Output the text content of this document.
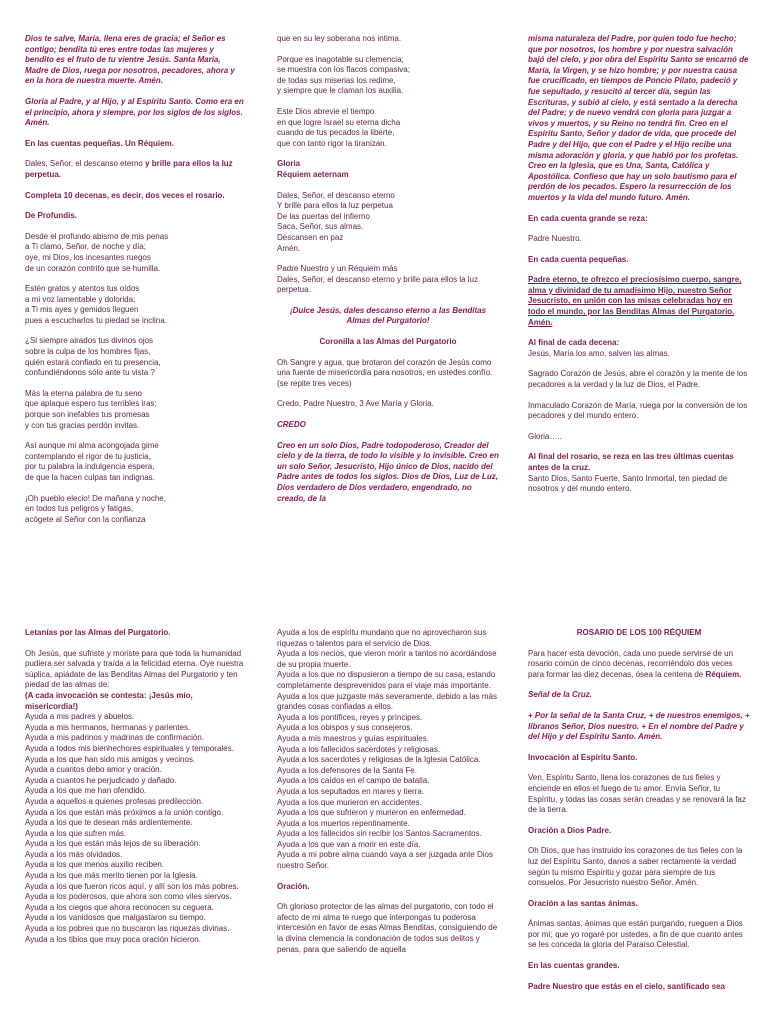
Dios te salve, María, llena eres de gracia; el Señor es contigo; bendita tú eres entre todas las mujeres y bendito es el fruto de tu vientre Jesús. Santa María, Madre de Dios, ruega por nosotros, pecadores, ahora y en la hora de nuestra muerte. Amén.

Gloria al Padre, y al Hijo, y al Espíritu Santo. Como era en el principio, ahora y siempre, por los siglos de los siglos. Amén.

En las cuentas pequeñas. Un Réquiem.

Dales, Señor, el descanso eterno y brille para ellos la luz perpetua.

Completa 10 decenas, es decir, dos veces el rosario.

De Profundis.

Desde el profundo abismo de mis penas
a Ti clamo, Señor, de noche y día;
oye, mi Dios, los incesantes ruegos
de un corazón contrito que se humilla.

Estén gratos y atentos tus oídos
a mi voz lamentable y dolorida;
a Ti mis ayes y gemidos lleguen
pues a escucharlos tu piedad se inclina.

¿Si siempre airados tus divinos ojos
sobre la culpa de los hombres fijas,
quién estará confiado en tu presencia,
confundiéndonos sólo ante tu vista ?

Más la eterna palabra de tu seno
que aplaque espero tus terribles iras;
porque son inefables tus promesas
y con tus gracias perdón invitas.

Así aunque mi alma acongojada gime
contemplando el rigor de tu justicia,
por tu palabra la indulgencia espera,
de que la hacen culpas tan indignas.

¡Oh pueblo elecio! De mañana y noche,
en todos tus peligros y fatigas,
acógete al Señor con la confianza

que en su ley soberana nos intima.

Porque es inagotable su clemencia;
se muestra con los flacos compasiva;
de todas sus miserias los redime,
y siempre que le claman los auxilia.

Este Dios abrevie el tiempo
en que logre Israel su eterna dicha
cuando de tus pecados la liberte,
que con tanto rigor la tiranizan.

Gloria

Réquiem aeternam

Dales, Señor, el descanso eterno
Y brille para ellos la luz perpetua
De las puertas del infierno
Saca, Señor, sus almas.
Descansen en paz
Amén.

Padre Nuestro y un Réquiem más

Dales, Señor, el descanso eterno y brille para ellos la luz perpetua.

¡Dulce Jesús, dales descanso eterno a las Benditas Almas del Purgatorio!

Coronilla a las Almas del Purgatorio

Oh Sangre y agua, que brotaron del corazón de Jesús como una fuente de misericordia para nosotros, en ustedes confío. (se repite tres veces)

Credo, Padre Nuestro, 3 Ave María y Gloria.

CREDO

Creo en un solo Dios, Padre todopoderoso, Creador del cielo y de la tierra, de todo lo visible y lo invisible. Creo en un solo Señor, Jesucristo, Hijo único de Dios, nacido del Padre antes de todos los siglos. Dios de Dios, Luz de Luz, Dios verdadero de Dios verdadero, engendrado, no creado, de la

misma naturaleza del Padre, por quien todo fue hecho; que por nosotros, los hombre y por nuestra salvación bajó del cielo, y por obra del Espíritu Santo se encarnó de María, la Virgen, y se hizo hombre; y por nuestra causa fue crucificado, en tiempos de Poncio Pilato, padeció y fue sepultado, y resucitó al tercer día, según las Escrituras, y subió al cielo, y está sentado a la derecha del Padre; y de nuevo vendrá con gloria para juzgar a vivos y muertos, y su Reino no tendrá fin. Creo en el Espíritu Santo, Señor y dador de vida, que procede del Padre y del Hijo, que con el Padre y el Hijo recibe una misma adoración y gloria, y que habló por los profetas. Creo en la Iglesia, que es Una, Santa, Católica y Apostólica. Confieso que hay un solo bautismo para el perdón de los pecados. Espero la resurrección de los muertos y la vida del mundo futuro. Amén.

En cada cuenta grande se reza:

Padre Nuestro.

En cada cuenta pequeñas.

Padre eterno, te ofrezco el preciosísimo cuerpo, sangre, alma y divinidad de tu amadísimo Hijo, nuestro Señor Jesucristo, en unión con las misas celebradas hoy en todo el mundo, por las Benditas Almas del Purgatorio. Amén.

Al final de cada decena:

Jesús, María los amo, salven las almas.

Sagrado Corazón de Jesús, abre el corazón y la mente de los pecadores a la verdad y la luz de Dios, el Padre.

Inmaculado Corazón de María, ruega por la conversión de los pecadores y del mundo entero.

Gloria…..

Al final del rosario, se reza en las tres últimas cuentas antes de la cruz.

Santo Dios, Santo Fuerte, Santo Inmortal, ten piedad de nosotros y del mundo entero.

Letanías por las Almas del Purgatorio.

Oh Jesús, que sufriste y moriste para que toda la humanidad pudiera ser salvada y traída a la felicidad eterna. Oye nuestra súplica, apiádate de las Benditas Almas del Purgatorio y ten piedad de las almas de:

(A cada invocación se contesta: ¡Jesús mío, misericordia!)

Ayuda a mis padres y abuelos.
Ayuda a mis hermanos, hermanas y parientes.
Ayuda a mis padrinos y madrinas de confirmación.
Ayuda a todos mis bienhechores espirituales y temporales.
Ayuda a los que han sido mis amigos y vecinos.
Ayuda a cuantos debo amor y oración.
Ayuda a cuantos he perjudicado y dañado.
Ayuda a los que me han ofendido.
Ayuda a aquellos a quienes profesas predilección.
Ayuda a los que están más próximos a la unión contigo.
Ayuda a los que te desean más ardientemente.
Ayuda a los que sufren más.
Ayuda a los que están más lejos de su liberación.
Ayuda a los más olvidados.
Ayuda a los que menos auxilio reciben.
Ayuda a los que más merito tienen por la Iglesia.
Ayuda a los que fueron ricos aquí, y allí son los más pobres.
Ayuda a los poderosos, que ahora son como viles siervos.
Ayuda a los ciegos que ahora reconocen su ceguera.
Ayuda a los vanidosos que malgastaron su tiempo.
Ayuda a los pobres que no buscaron las riquezas divinas.
Ayuda a los tibios que muy poca oración hicieron.
Ayuda a los de espíritu mundano que no aprovecharon sus riquezas o talentos para el servicio de Dios.
Ayuda a los necios, que vieron morir a tantos no acordándose de su propia muerte.
Ayuda a los que no dispusieron a tiempo de su casa, estando completamente desprevenidos para el viaje más importante.
Ayuda a los que juzgaste más severamente, debido a las más grandes cosas confiadas a ellos.
Ayuda a los pontífices, reyes y príncipes.
Ayuda a los obispos y sus consejeros.
Ayuda a mis maestros y guías espirituales.
Ayuda a los fallecidos sacerdotes y religiosas.
Ayuda a los sacerdotes y religiosas de la Iglesia Católica.
Ayuda a los defensores de la Santa Fe.
Ayuda a los caídos en el campo de batalla.
Ayuda a los sepultados en mares y tierra.
Ayuda a los que murieron en accidentes.
Ayuda a los que sufrieron y murieron en enfermedad.
Ayuda a los muertos repentinamente.
Ayuda a los fallecidos sin recibir los Santos Sacramentos.
Ayuda a los que van a morir en este día.
Ayuda a mi pobre alma cuando vaya a ser juzgada ante Dios nuestro Señor.

Oración.

Oh glorioso protector de las almas del purgatorio, con todo el afecto de mi alma te ruego que interpongas tu poderosa intercesión en favor de esas Almas Benditas, consiguiendo de la divina clemencia la condonación de todos sus delitos y penas, para que saliendo de aquella

ROSARIO DE LOS 100 RÉQUIEM

Para hacer esta devoción, cada uno puede servirse de un rosario común de cinco decenas, recorriéndolo dos veces para formar las diez decenas, ósea la centena de Réquiem.

Señal de la Cruz.

+ Por la señal de la Santa Cruz, + de nuestros enemigos, + líbranos Señor, Dios nuestro. + En el nombre del Padre y del Hijo y del Espíritu Santo. Amén.

Invocación al Espíritu Santo.

Ven, Espíritu Santo, llena los corazones de tus fieles y enciende en ellos el fuego de tu amor. Envía Señor, tu Espíritu, y todas las cosas serán creadas y se renovará la faz de la tierra.

Oración a Dios Padre.

Oh Dios, que has instruido los corazones de tus fieles con la luz del Espíritu Santo, danos a saber rectamente la verdad según tu mismo Espíritu y gozar para siempre de tus consuelos. Por Jesucristo nuestro Señor. Amén.

Oración a las santas ánimas.

Ánimas santas, ánimas que están purgando, rueguen a Dios por mí; que yo rogaré por ustedes, a fin de que cuanto antes se les conceda la gloria del Paraíso Celestial.

En las cuentas grandes.

Padre Nuestro que estás en el cielo, santificado sea
